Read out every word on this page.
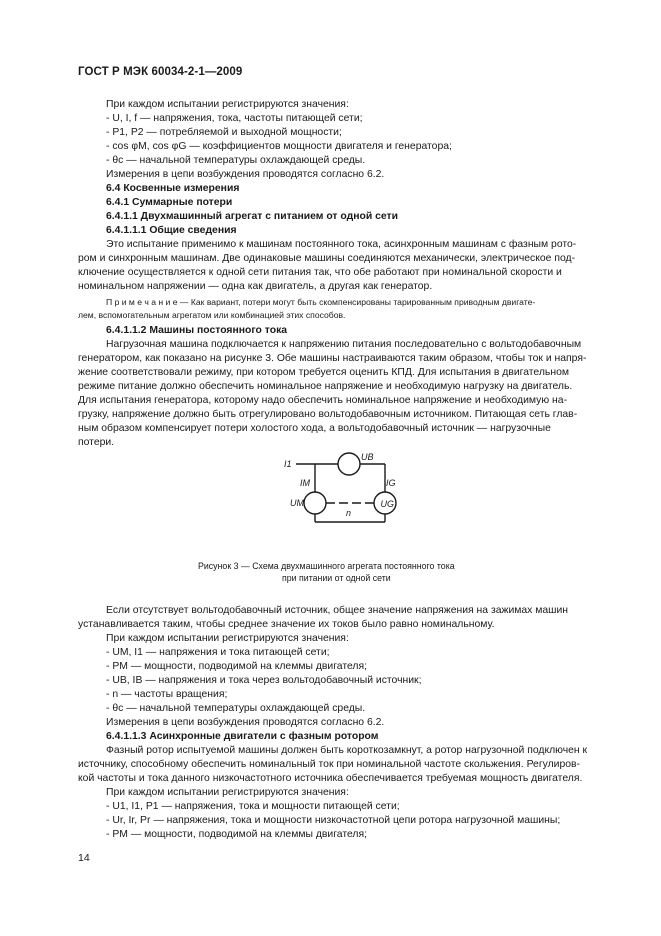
ГОСТ Р МЭК 60034-2-1—2009
При каждом испытании регистрируются значения:
- U, I, f — напряжения, тока, частоты питающей сети;
- P1, P2 — потребляемой и выходной мощности;
- cos φM, cos φG — коэффициентов мощности двигателя и генератора;
- θc — начальной температуры охлаждающей среды.
Измерения в цепи возбуждения проводятся согласно 6.2.
6.4 Косвенные измерения
6.4.1 Суммарные потери
6.4.1.1 Двухмашинный агрегат с питанием от одной сети
6.4.1.1.1 Общие сведения
Это испытание применимо к машинам постоянного тока, асинхронным машинам с фазным рото-
ром и синхронным машинам. Две одинаковые машины соединяются механически, электрическое под-
ключение осуществляется к одной сети питания так, что обе работают при номинальной скорости и
номинальном напряжении — одна как двигатель, а другая как генератор.
П р и м е ч а н и е — Как вариант, потери могут быть скомпенсированы тарированным приводным двигате-
лем, вспомогательным агрегатом или комбинацией этих способов.
6.4.1.1.2 Машины постоянного тока
Нагрузочная машина подключается к напряжению питания последовательно с вольтодобавочным
генератором, как показано на рисунке 3. Обе машины настраиваются таким образом, чтобы ток и напря-
жение соответствовали режиму, при котором требуется оценить КПД. Для испытания в двигательном
режиме питание должно обеспечить номинальное напряжение и необходимую нагрузку на двигатель.
Для испытания генератора, которому надо обеспечить номинальное напряжение и необходимую на-
грузку, напряжение должно быть отрегулировано вольтодобавочным источником. Питающая сеть глав-
ным образом компенсирует потери холостого хода, а вольтодобавочный источник — нагрузочные
потери.
I1
UB
IM	IG
UM	UG
n
Рисунок 3 — Схема двухмашинного агрегата постоянного тока
при питании от одной сети
Если отсутствует вольтодобавочный источник, общее значение напряжения на зажимах машин
устанавливается таким, чтобы среднее значение их токов было равно номинальному.
При каждом испытании регистрируются значения:
- UM, I1 — напряжения и тока питающей сети;
- PM — мощности, подводимой на клеммы двигателя;
- UB, IB — напряжения и тока через вольтодобавочный источник;
- n — частоты вращения;
- θc — начальной температуры охлаждающей среды.
Измерения в цепи возбуждения проводятся согласно 6.2.
6.4.1.1.3 Асинхронные двигатели с фазным ротором
Фазный ротор испытуемой машины должен быть короткозамкнут, а ротор нагрузочной подключен к
источнику, способному обеспечить номинальный ток при номинальной частоте скольжения. Регулиров-
кой частоты и тока данного низкочастотного источника обеспечивается требуемая мощность двигателя.
При каждом испытании регистрируются значения:
- U1, I1, P1 — напряжения, тока и мощности питающей сети;
- Ur, Ir, Pr — напряжения, тока и мощности низкочастотной цепи ротора нагрузочной машины;
- PM — мощности, подводимой на клеммы двигателя;
14
